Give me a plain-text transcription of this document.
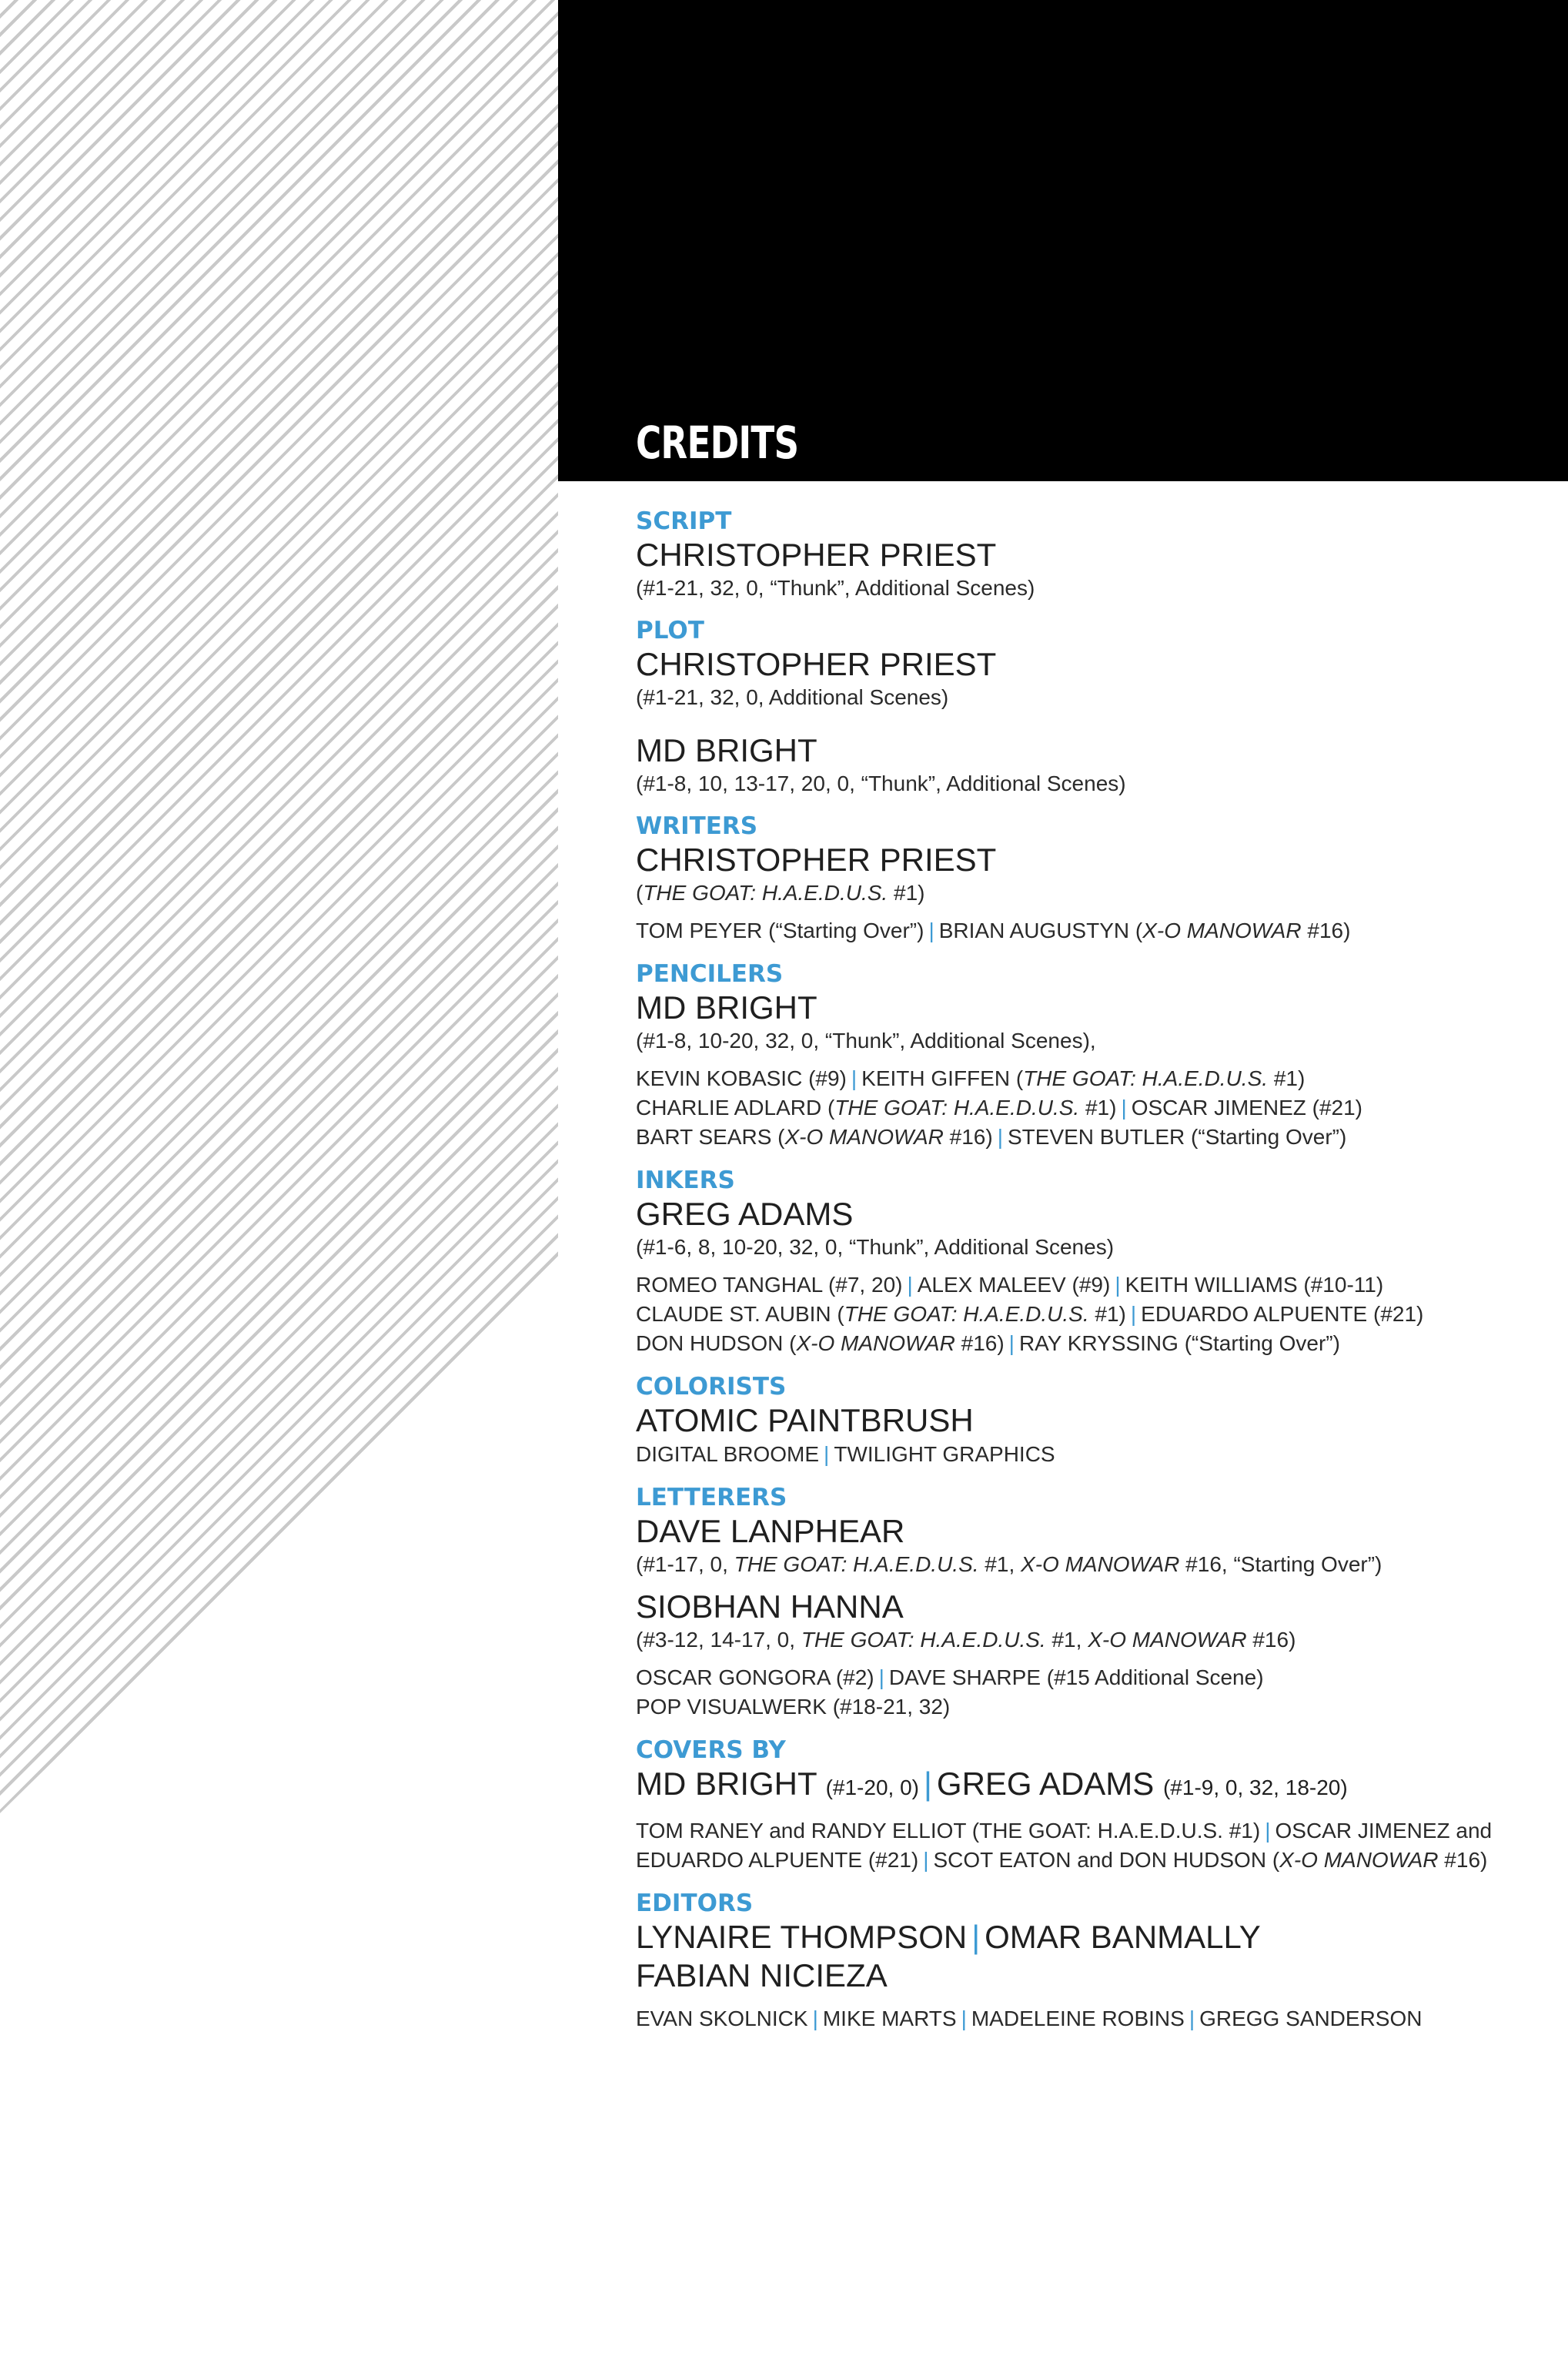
CREDITS
SCRIPT
CHRISTOPHER PRIEST
(#1-21, 32, 0, “Thunk”, Additional Scenes)
PLOT
CHRISTOPHER PRIEST
(#1-21, 32, 0, Additional Scenes)
MD BRIGHT
(#1-8, 10, 13-17, 20, 0, “Thunk”, Additional Scenes)
WRITERS
CHRISTOPHER PRIEST
(THE GOAT: H.A.E.D.U.S. #1)
TOM PEYER (“Starting Over”) | BRIAN AUGUSTYN (X-O MANOWAR #16)
PENCILERS
MD BRIGHT
(#1-8, 10-20, 32, 0, “Thunk”, Additional Scenes),
KEVIN KOBASIC (#9) | KEITH GIFFEN (THE GOAT: H.A.E.D.U.S. #1)
CHARLIE ADLARD (THE GOAT: H.A.E.D.U.S. #1) | OSCAR JIMENEZ (#21)
BART SEARS (X-O MANOWAR #16) | STEVEN BUTLER (“Starting Over”)
INKERS
GREG ADAMS
(#1-6, 8, 10-20, 32, 0, “Thunk”, Additional Scenes)
ROMEO TANGHAL (#7, 20) | ALEX MALEEV (#9) | KEITH WILLIAMS (#10-11)
CLAUDE ST. AUBIN (THE GOAT: H.A.E.D.U.S. #1) | EDUARDO ALPUENTE (#21)
DON HUDSON (X-O MANOWAR #16) | RAY KRYSSING (“Starting Over”)
COLORISTS
ATOMIC PAINTBRUSH
DIGITAL BROOME | TWILIGHT GRAPHICS
LETTERERS
DAVE LANPHEAR
(#1-17, 0, THE GOAT: H.A.E.D.U.S. #1, X-O MANOWAR #16, “Starting Over”)
SIOBHAN HANNA
(#3-12, 14-17, 0, THE GOAT: H.A.E.D.U.S. #1, X-O MANOWAR #16)
OSCAR GONGORA (#2) | DAVE SHARPE (#15 Additional Scene)
POP VISUALWERK (#18-21, 32)
COVERS BY
MD BRIGHT (#1-20, 0) | GREG ADAMS (#1-9, 0, 32, 18-20)
TOM RANEY and RANDY ELLIOT (THE GOAT: H.A.E.D.U.S. #1) | OSCAR JIMENEZ and
EDUARDO ALPUENTE (#21) | SCOT EATON and DON HUDSON (X-O MANOWAR #16)
EDITORS
LYNAIRE THOMPSON | OMAR BANMALLY
FABIAN NICIEZA
EVAN SKOLNICK | MIKE MARTS | MADELEINE ROBINS | GREGG SANDERSON
